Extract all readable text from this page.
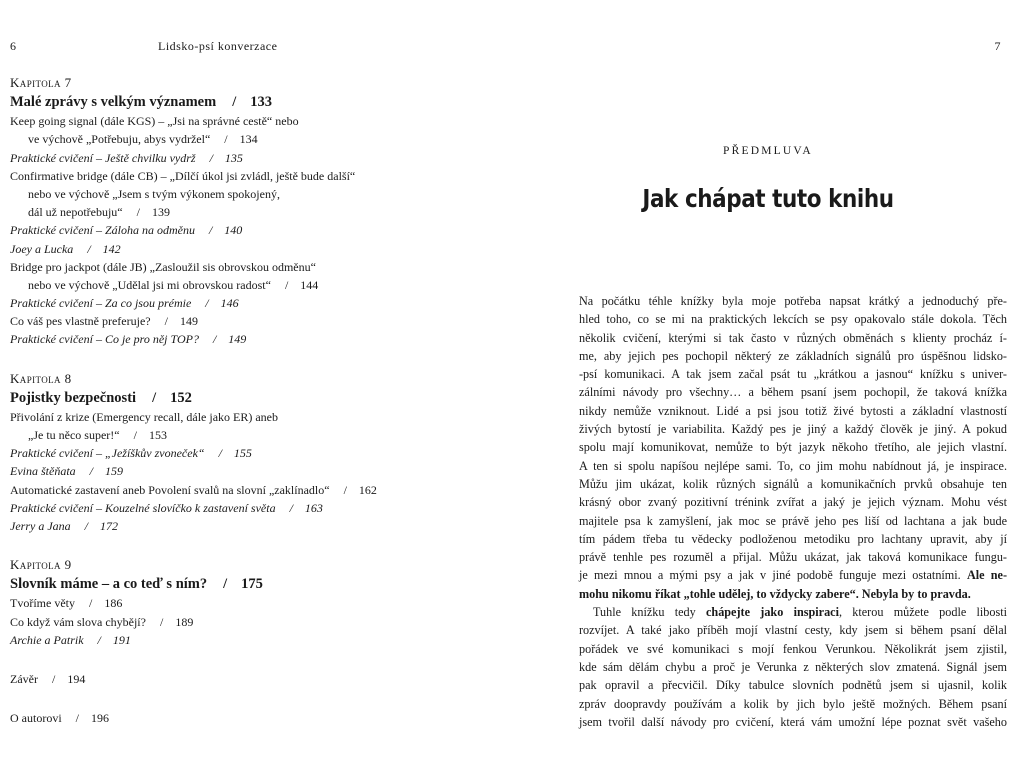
6	Lidsko-psí konverzace
Kapitola 7
Malé zprávy s velkým významem / 133
Keep going signal (dále KGS) – „Jsi na správné cestě“ nebo
ve výchově „Potřebuju, abys vydržel“ / 134
Praktické cvičení – Ještě chvilku vydrž / 135
Confirmative bridge (dále CB) – „Dílčí úkol jsi zvládl, ještě bude další“
nebo ve výchově „Jsem s tvým výkonem spokojený,
dál už nepotřebuju“ / 139
Praktické cvičení – Záloha na odměnu / 140
Joey a Lucka / 142
Bridge pro jackpot (dále JB) „Zasloužil sis obrovskou odměnu“
nebo ve výchově „Udělal jsi mi obrovskou radost“ / 144
Praktické cvičení – Za co jsou prémie / 146
Co váš pes vlastně preferuje? / 149
Praktické cvičení – Co je pro něj TOP? / 149
Kapitola 8
Pojistky bezpečnosti / 152
Přivolání z krize (Emergency recall, dále jako ER) aneb
„Je tu něco super!“ / 153
Praktické cvičení – „Ježíškův zvoneček“ / 155
Evina štěňata / 159
Automatické zastavení aneb Povolení svalů na slovní „zaklínadlo“ / 162
Praktické cvičení – Kouzelné slovíčko k zastavení světa / 163
Jerry a Jana / 172
Kapitola 9
Slovník máme – a co teď s ním? / 175
Tvoříme věty / 186
Co když vám slova chybějí? / 189
Archie a Patrik / 191
Závěr / 194
O autorovi / 196
7
PŘEDMLUVA
Jak chápat tuto knihu
Na počátku téhle knížky byla moje potřeba napsat krátký a jednoduchý pře-
hled toho, co se mi na praktických lekcích se psy opakovalo stále dokola. Těch
několik cvičení, kterými si tak často v různých obměnách s klienty procház í-
me, aby jejich pes pochopil některý ze základních signálů pro úspěšnou lidsko-
-psí komunikaci. A tak jsem začal psát tu „krátkou a jasnou“ knížku s univer-
zálními návody pro všechny… a během psaní jsem pochopil, že taková knížka
nikdy nemůže vzniknout. Lidé a psi jsou totiž živé bytosti a základní vlastností
živých bytostí je variabilita. Každý pes je jiný a každý člověk je jiný. A pokud
spolu mají komunikovat, nemůže to být jazyk někoho třetího, ale jejich vlastní.
A ten si spolu napíšou nejlépe sami. To, co jim mohu nabídnout já, je inspirace.
Můžu jim ukázat, kolik různých signálů a komunikačních prvků obsahuje ten
krásný obor zvaný pozitivní trénink zvířat a jaký je jejich význam. Mohu vést
majitele psa k zamyšlení, jak moc se právě jeho pes liší od lachtana a jak bude
tím pádem třeba tu vědecky podloženou metodiku pro lachtany upravit, aby jí
právě tenhle pes rozuměl a přijal. Můžu ukázat, jak taková komunikace fungu-
je mezi mnou a mými psy a jak v jiné podobě funguje mezi ostatními. Ale ne-
mohu nikomu říkat „tohle udělej, to vždycky zabere“. Nebyla by to pravda.
Tuhle knížku tedy chápejte jako inspiraci, kterou můžete podle libosti
rozvíjet. A také jako příběh mojí vlastní cesty, kdy jsem si během psaní dělal
pořádek ve své komunikaci s mojí fenkou Verunkou. Několikrát jsem zjistil,
kde sám dělám chybu a proč je Verunka z některých slov zmatená. Signál jsem
pak opravil a přecvičil. Díky tabulce slovních podnětů jsem si ujasnil, kolik
zpráv doopravdy používám a kolik by jich bylo ještě možných. Během psaní
jsem tvořil další návody pro cvičení, která vám umožní lépe poznat svět vašeho
